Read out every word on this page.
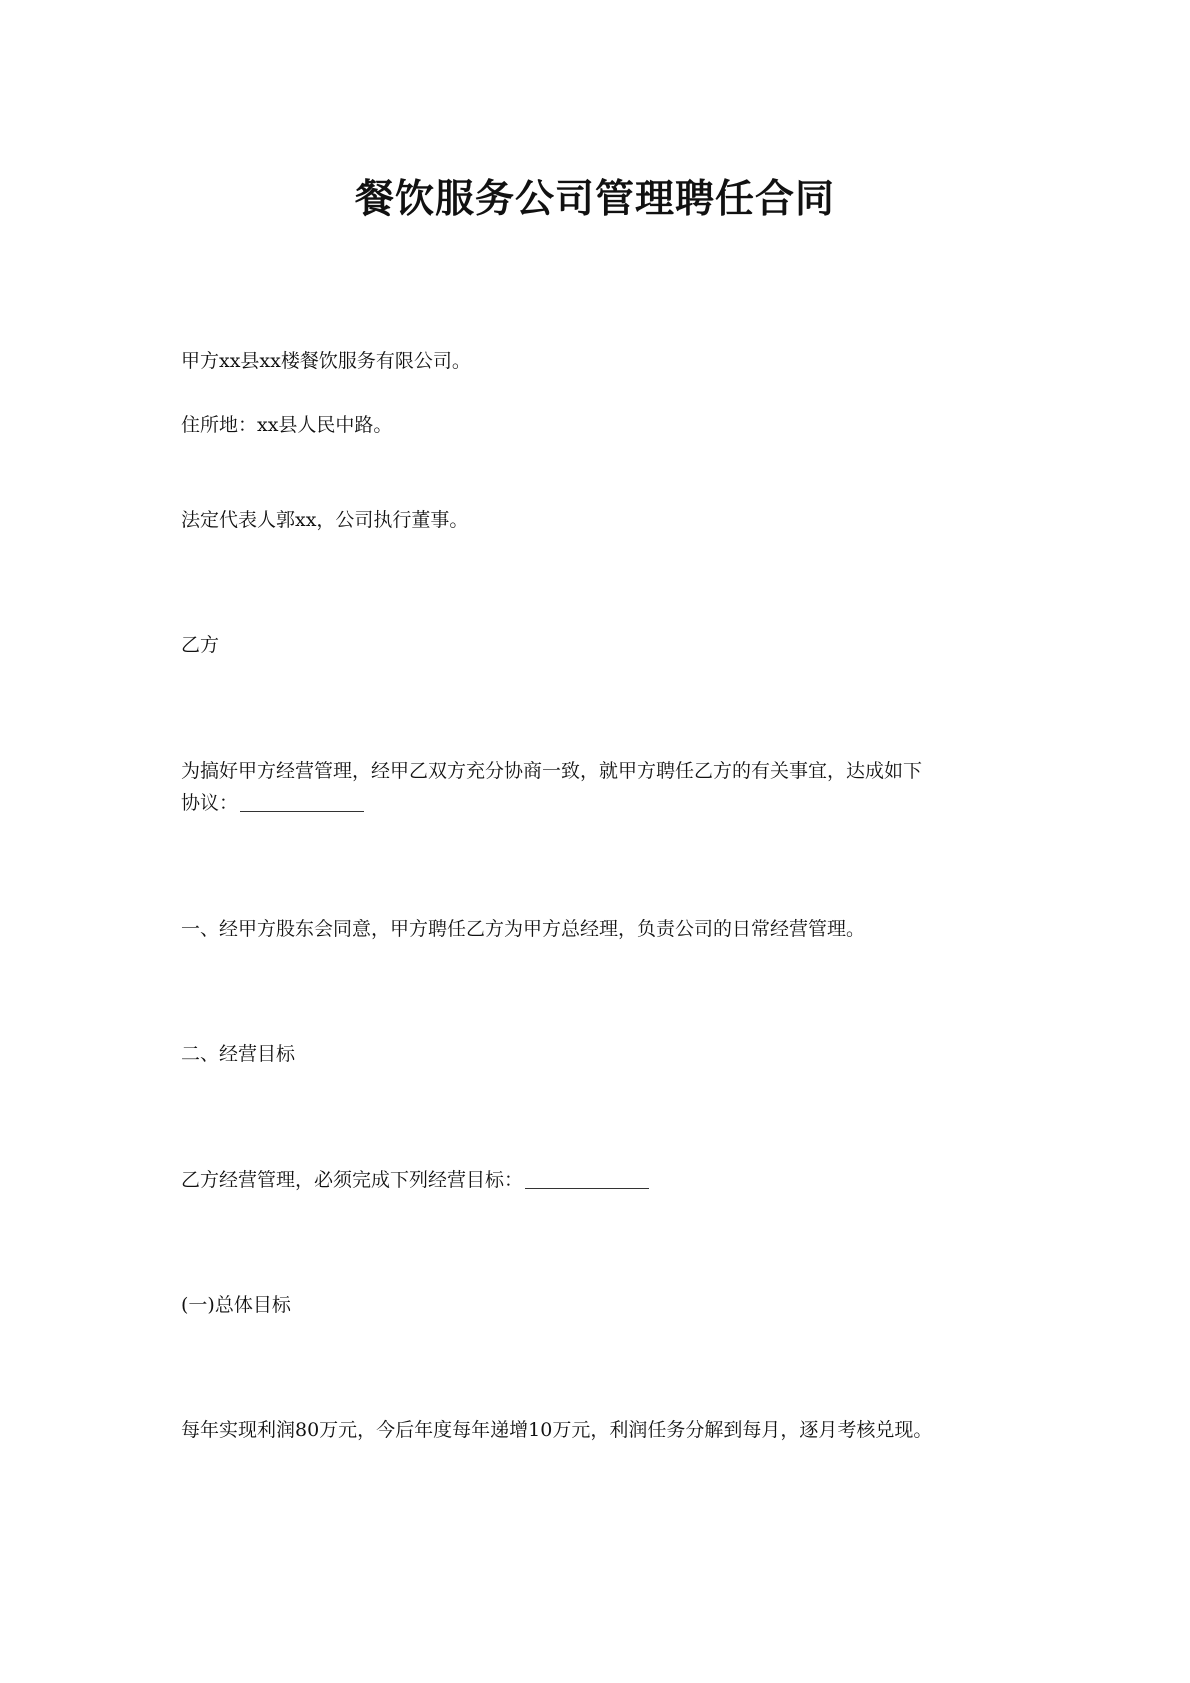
餐饮服务公司管理聘任合同
甲方xx县xx楼餐饮服务有限公司。
住所地：xx县人民中路。
法定代表人郭xx，公司执行董事。
乙方
为搞好甲方经营管理，经甲乙双方充分协商一致，就甲方聘任乙方的有关事宜，达成如下
协议：
一、经甲方股东会同意，甲方聘任乙方为甲方总经理，负责公司的日常经营管理。
二、经营目标
乙方经营管理，必须完成下列经营目标：
(一)总体目标
每年实现利润80万元，今后年度每年递增10万元，利润任务分解到每月，逐月考核兑现。
